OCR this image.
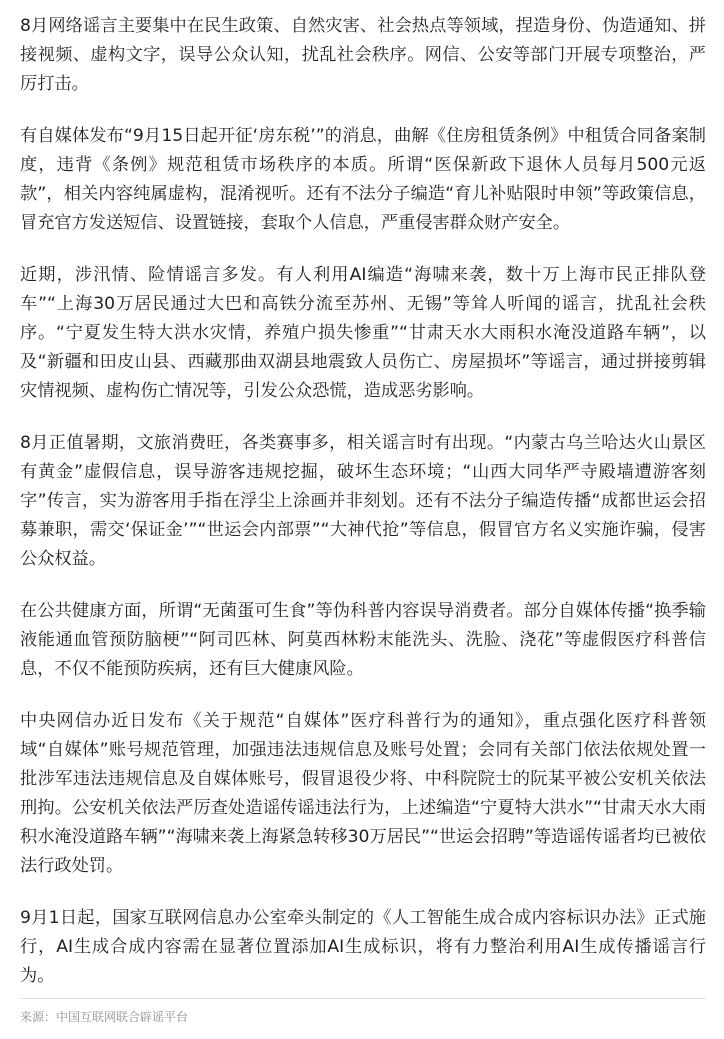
8月网络谣言主要集中在民生政策、自然灾害、社会热点等领域，捏造身份、伪造通知、拼接视频、虚构文字，误导公众认知，扰乱社会秩序。网信、公安等部门开展专项整治，严厉打击。

有自媒体发布“9月15日起开征‘房东税’”的消息，曲解《住房租赁条例》中租赁合同备案制度，违背《条例》规范租赁市场秩序的本质。所谓“医保新政下退休人员每月500元返款”，相关内容纯属虚构，混淆视听。还有不法分子编造“育儿补贴限时申领”等政策信息，冒充官方发送短信、设置链接，套取个人信息，严重侵害群众财产安全。

近期，涉汛情、险情谣言多发。有人利用AI编造“海啸来袭，数十万上海市民正排队登车”“上海30万居民通过大巴和高铁分流至苏州、无锡”等耸人听闻的谣言，扰乱社会秩序。“宁夏发生特大洪水灾情，养殖户损失惨重”“甘肃天水大雨积水淹没道路车辆”，以及“新疆和田皮山县、西藏那曲双湖县地震致人员伤亡、房屋损坏”等谣言，通过拼接剪辑灾情视频、虚构伤亡情况等，引发公众恐慌，造成恶劣影响。

8月正值暑期，文旅消费旺，各类赛事多，相关谣言时有出现。“内蒙古乌兰哈达火山景区有黄金”虚假信息，误导游客违规挖掘，破坏生态环境；“山西大同华严寺殿墙遭游客刻字”传言，实为游客用手指在浮尘上涂画并非刻划。还有不法分子编造传播“成都世运会招募兼职，需交‘保证金’”“世运会内部票”“大神代抢”等信息，假冒官方名义实施诈骗，侵害公众权益。

在公共健康方面，所谓“无菌蛋可生食”等伪科普内容误导消费者。部分自媒体传播“换季输液能通血管预防脑梗”“阿司匹林、阿莫西林粉末能洗头、洗脸、浇花”等虚假医疗科普信息，不仅不能预防疾病，还有巨大健康风险。

中央网信办近日发布《关于规范“自媒体”医疗科普行为的通知》，重点强化医疗科普领域“自媒体”账号规范管理，加强违法违规信息及账号处置；会同有关部门依法依规处置一批涉军违法违规信息及自媒体账号，假冒退役少将、中科院院士的阮某平被公安机关依法刑拘。公安机关依法严厉查处造谣传谣违法行为，上述编造“宁夏特大洪水”“甘肃天水大雨积水淹没道路车辆”“海啸来袭上海紧急转移30万居民”“世运会招聘”等造谣传谣者均已被依法行政处罚。

9月1日起，国家互联网信息办公室牵头制定的《人工智能生成合成内容标识办法》正式施行，AI生成合成内容需在显著位置添加AI生成标识，将有力整治利用AI生成传播谣言行为。

来源：中国互联网联合辟谣平台
